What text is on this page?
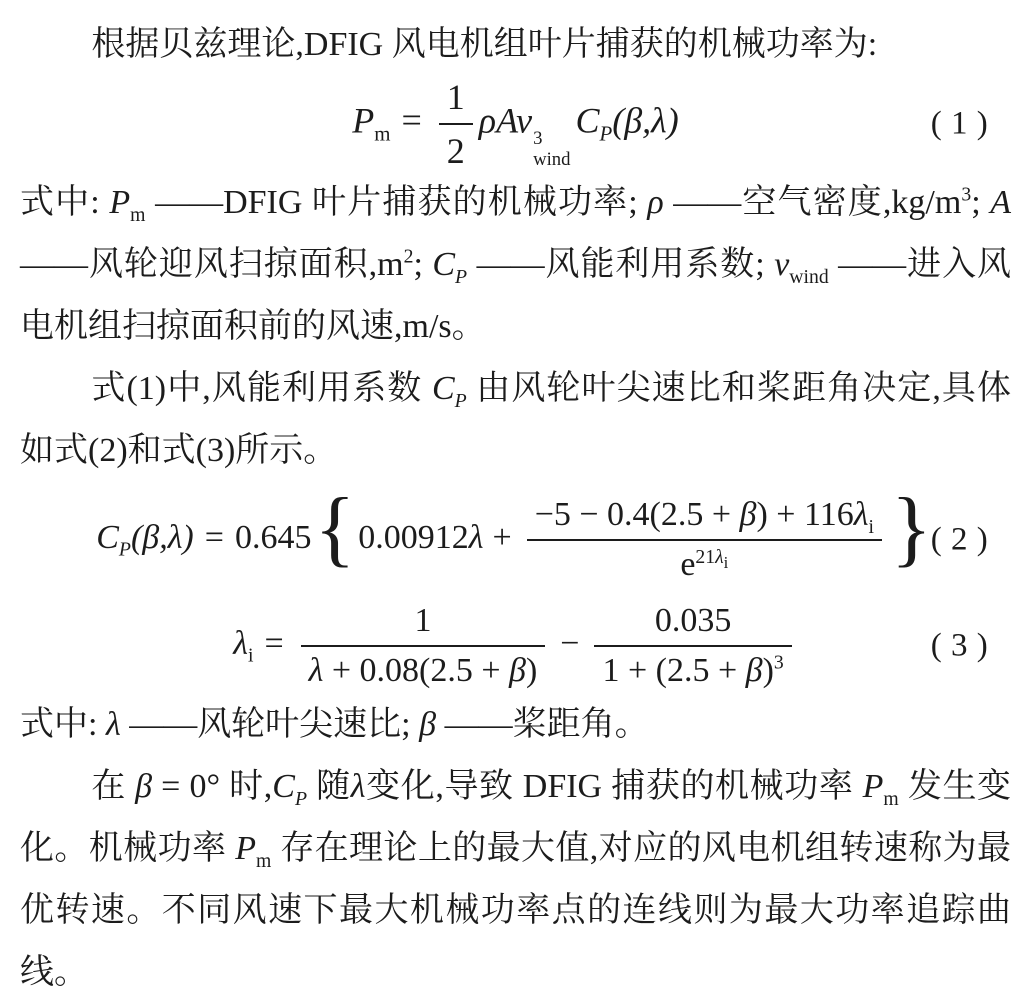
根据贝兹理论,DFIG 风电机组叶片捕获的机械功率为:

$P_m = \frac{1}{2}$ ρAv 3
wind
$C_P(\beta,\lambda)$	(1)

式中: $P_m$ ——DFIG 叶片捕获的机械功率; ρ ——空气密度$,kg/m^3$; A ——风轮迎风扫掠面积$,m^2$; $C_P$ ——风能利用系数; $v_{wind}$ ——进入风电机组扫掠面积前的风速,m/s。

式(1)中,风能利用系数 $C_P$ 由风轮叶尖速比和桨距角决定,具体如式(2)和式(3)所示。

$C_P(\beta,\lambda) = 0.645\{0.00912\lambda + \frac{-5 - 0.4(2.5 + \beta) + 116\lambda_i}{e^{21\lambda_i}}$ } (2)
$\lambda_i = \frac{1}{\lambda + 0.08(2.5 + \beta)} - \frac{0.035}{1 + (2.5 + \beta)^3}$	(3)

式中: λ ——风轮叶尖速比; β ——桨距角。

在 β = 0° 时$,C_P$ 随λ变化,导致 DFIG 捕获的机械功率 $P_m$ 发生变化。机械功率 $P_m$ 存在理论上的最大值,对应的风电机组转速称为最优转速。不同风速下最大机械功率点的连线则为最大功率追踪曲线。
